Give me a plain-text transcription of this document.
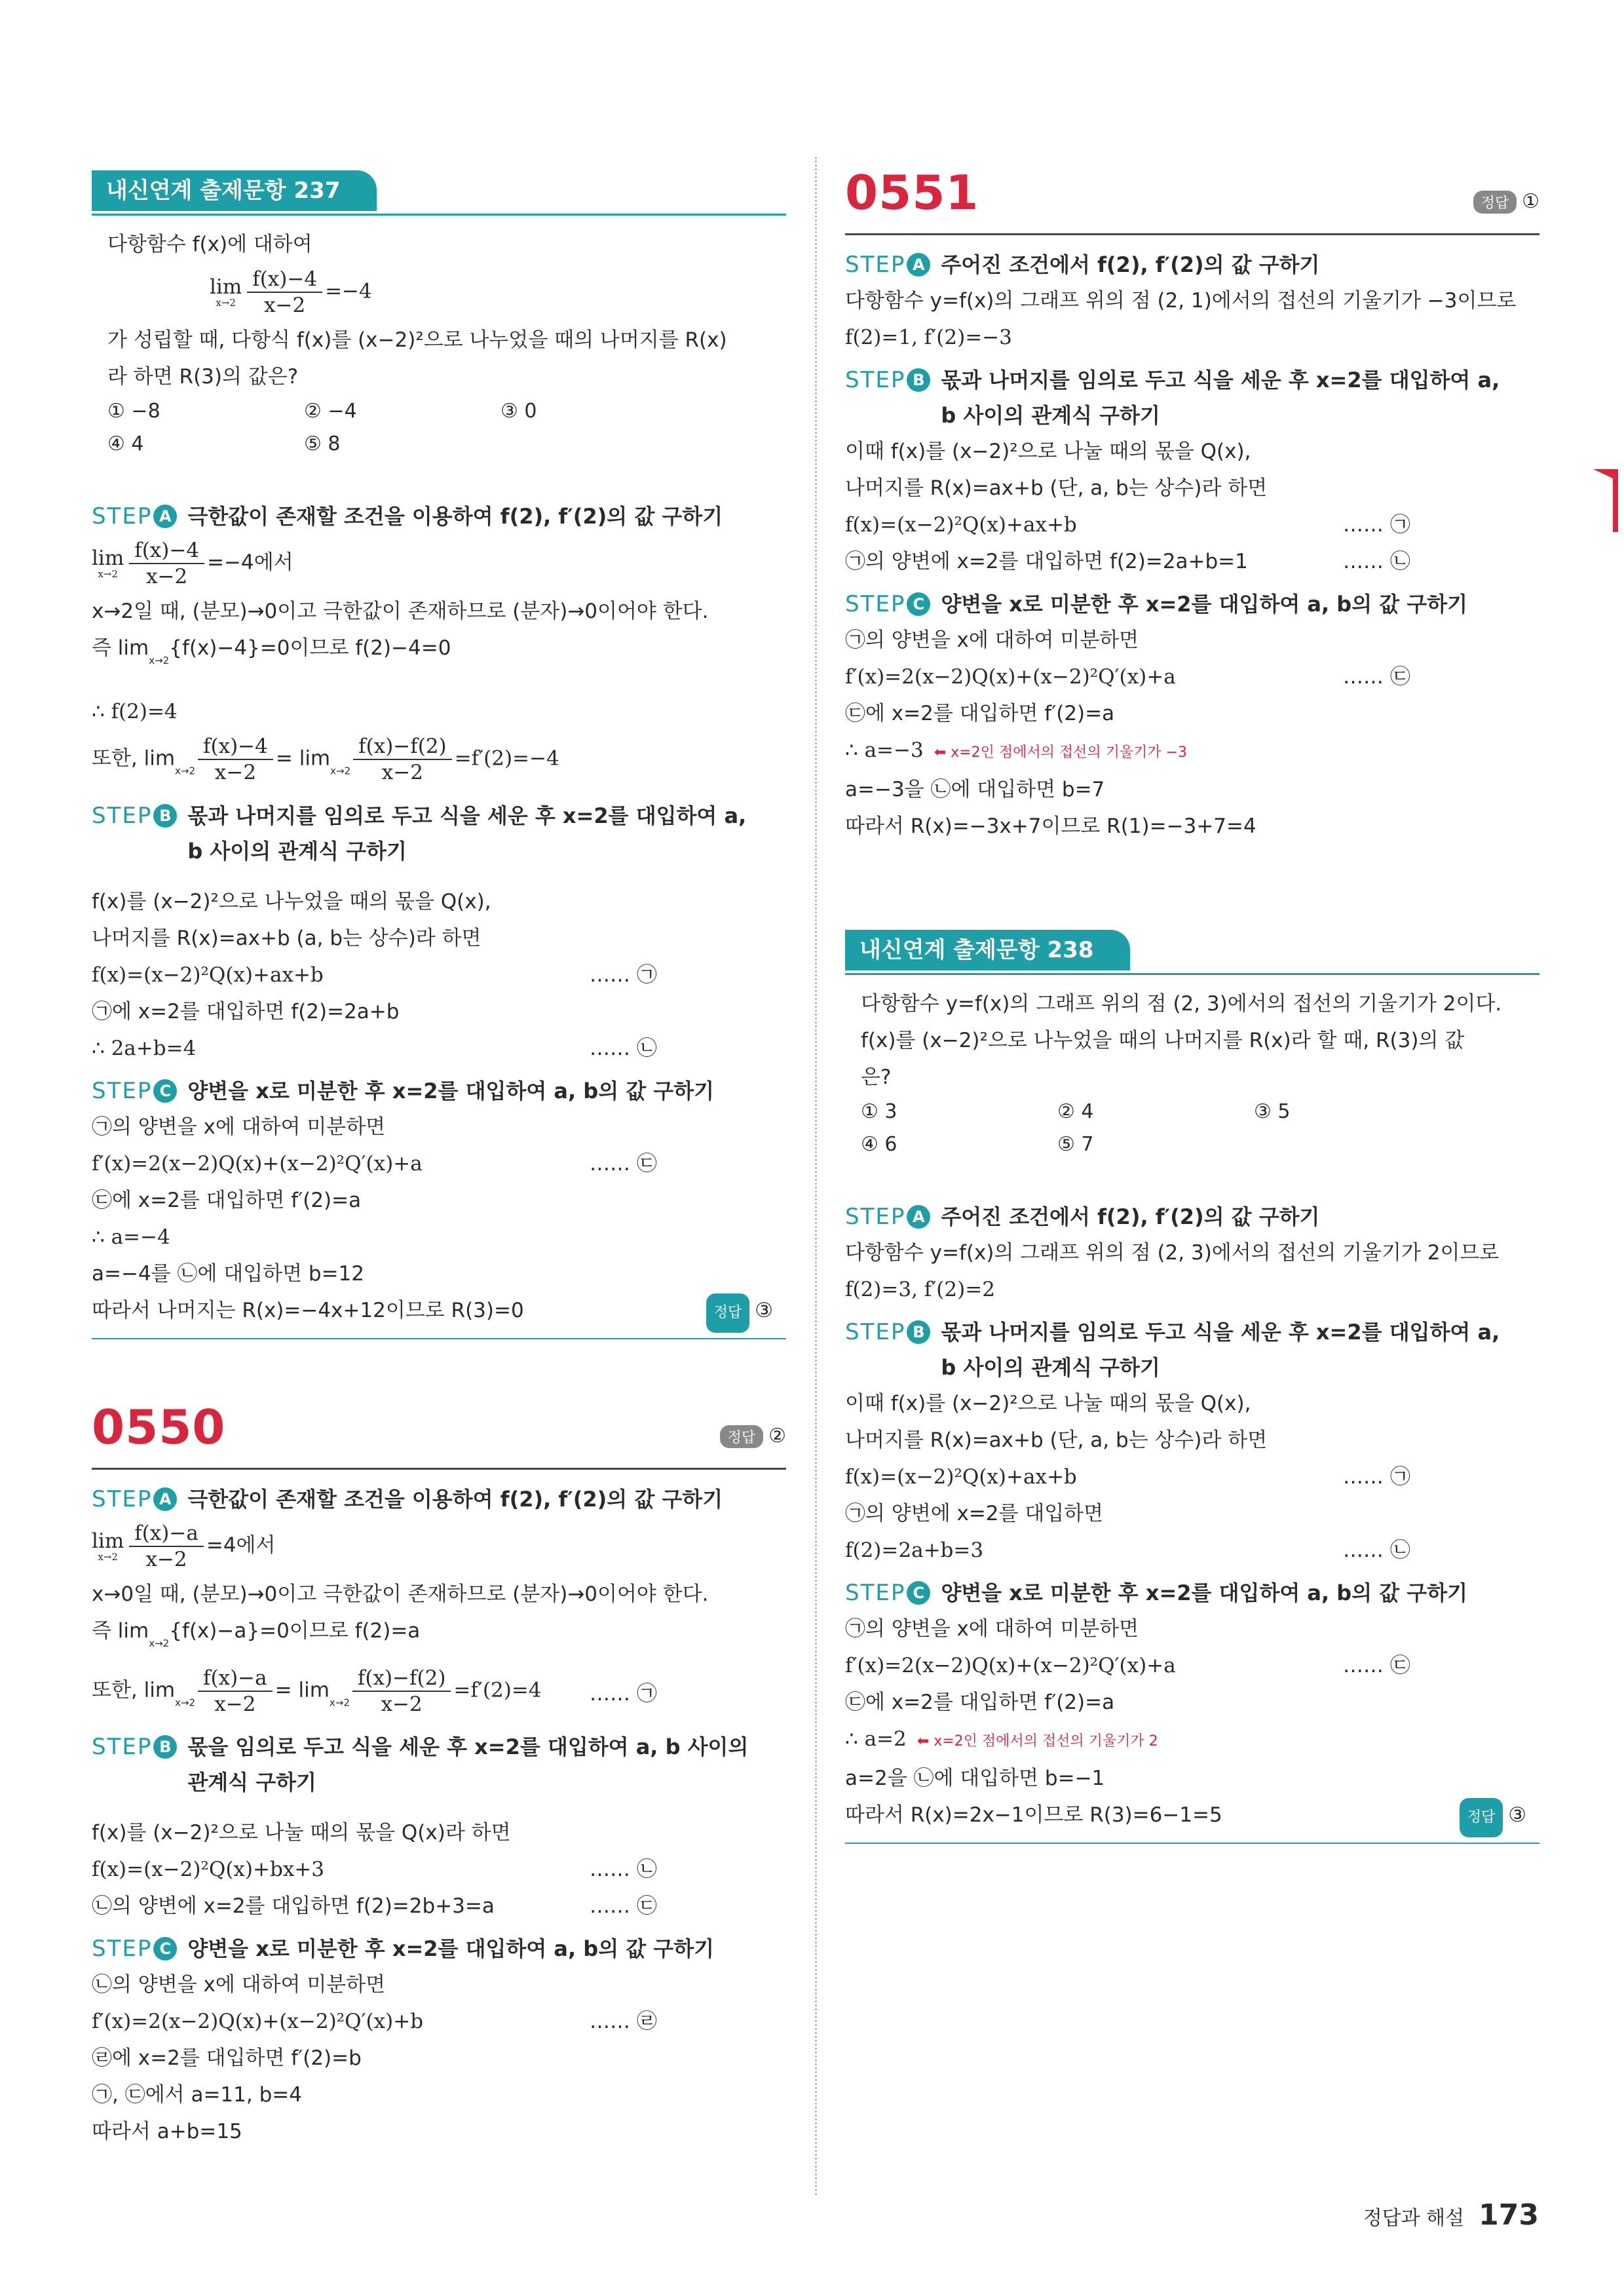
내신연계 출제문항 237
다항함수 f(x)에 대하여
lim
$x\to 2 \frac{f(x)-4}{x-2} =-4$
가 성립할 때, 다항식 f(x)를 (x−2)²으로 나누었을 때의 나머지를 R(x)
라 하면 R(3)의 값은?
① −8	② −4	③ 0
④ 4	⑤ 8
STEP A 극한값이 존재할 조건을 이용하여 f(2), f′(2)의 값 구하기
lim
$x\to 2 \frac{f(x)-4}{x-2} =-4$에서
x→2일 때, (분모)→0이고 극한값이 존재하므로 (분자)→0이어야 한다.
즉 $\lim_{x\to 2}\{f(x)-4\}=0$이므로 f(2)−4=0
∴ f(2)=4
또한, $\lim_{x\to 2} \frac{f(x)-4}{x-2} = \lim_{x\to 2} \frac{f(x)-f(2)}{x-2} =f'(2)=-4$
STEP B 몫과 나머지를 임의로 두고 식을 세운 후 x=2를 대입하여 a, b 사이의 관계식 구하기
f(x)를 (x−2)²으로 나누었을 때의 몫을 Q(x),
나머지를 R(x)=ax+b (a, b는 상수)라 하면
f(x)=(x−2)²Q(x)+ax+b	…… ㉠
㉠에 x=2를 대입하면 f(2)=2a+b
∴ 2a+b=4	…… ㉡
STEP C 양변을 x로 미분한 후 x=2를 대입하여 a, b의 값 구하기
㉠의 양변을 x에 대하여 미분하면
f′(x)=2(x−2)Q(x)+(x−2)²Q′(x)+a	…… ㉢
㉢에 x=2를 대입하면 f′(2)=a
∴ a=−4
a=−4를 ㉡에 대입하면 b=12
따라서 나머지는 R(x)=−4x+12이므로 R(3)=0	정답 ③
0550	정답 ②
STEP A 극한값이 존재할 조건을 이용하여 f(2), f′(2)의 값 구하기
lim
$x\to 2 \frac{f(x)-a}{x-2} =4$에서
x→0일 때, (분모)→0이고 극한값이 존재하므로 (분자)→0이어야 한다.
즉 $\lim_{x\to 2}\{f(x)-a\}=0$이므로 f(2)=a
또한, $\lim_{x\to 2} \frac{f(x)-a}{x-2} = \lim_{x\to 2} \frac{f(x)-f(2)}{x-2} =f'(2)=4$ …… ㉠
STEP B 몫을 임의로 두고 식을 세운 후 x=2를 대입하여 a, b 사이의 관계식 구하기
f(x)를 (x−2)²으로 나눌 때의 몫을 Q(x)라 하면
f(x)=(x−2)²Q(x)+bx+3	…… ㉡
㉡의 양변에 x=2를 대입하면 f(2)=2b+3=a	…… ㉢
STEP C 양변을 x로 미분한 후 x=2를 대입하여 a, b의 값 구하기
㉡의 양변을 x에 대하여 미분하면
f′(x)=2(x−2)Q(x)+(x−2)²Q′(x)+b	…… ㉣
㉣에 x=2를 대입하면 f′(2)=b
㉠, ㉢에서 a=11, b=4
따라서 a+b=15
0551	정답 ①
STEP A 주어진 조건에서 f(2), f′(2)의 값 구하기
다항함수 y=f(x)의 그래프 위의 점 (2, 1)에서의 접선의 기울기가 −3이므로
f(2)=1, f′(2)=−3
STEP B 몫과 나머지를 임의로 두고 식을 세운 후 x=2를 대입하여 a, b 사이의 관계식 구하기
이때 f(x)를 (x−2)²으로 나눌 때의 몫을 Q(x),
나머지를 R(x)=ax+b (단, a, b는 상수)라 하면
f(x)=(x−2)²Q(x)+ax+b	…… ㉠
㉠의 양변에 x=2를 대입하면 f(2)=2a+b=1	…… ㉡
STEP C 양변을 x로 미분한 후 x=2를 대입하여 a, b의 값 구하기
㉠의 양변을 x에 대하여 미분하면
f′(x)=2(x−2)Q(x)+(x−2)²Q′(x)+a	…… ㉢
㉢에 x=2를 대입하면 f′(2)=a
∴ a=−3 ⬅ x=2인 점에서의 접선의 기울기가 −3
a=−3을 ㉡에 대입하면 b=7
따라서 R(x)=−3x+7이므로 R(1)=−3+7=4
내신연계 출제문항 238
다항함수 y=f(x)의 그래프 위의 점 (2, 3)에서의 접선의 기울기가 2이다.
f(x)를 (x−2)²으로 나누었을 때의 나머지를 R(x)라 할 때, R(3)의 값
은?
① 3	② 4	③ 5
④ 6	⑤ 7
STEP A 주어진 조건에서 f(2), f′(2)의 값 구하기
다항함수 y=f(x)의 그래프 위의 점 (2, 3)에서의 접선의 기울기가 2이므로
f(2)=3, f′(2)=2
STEP B 몫과 나머지를 임의로 두고 식을 세운 후 x=2를 대입하여 a, b 사이의 관계식 구하기
이때 f(x)를 (x−2)²으로 나눌 때의 몫을 Q(x),
나머지를 R(x)=ax+b (단, a, b는 상수)라 하면
f(x)=(x−2)²Q(x)+ax+b	…… ㉠
㉠의 양변에 x=2를 대입하면
f(2)=2a+b=3	…… ㉡
STEP C 양변을 x로 미분한 후 x=2를 대입하여 a, b의 값 구하기
㉠의 양변을 x에 대하여 미분하면
f′(x)=2(x−2)Q(x)+(x−2)²Q′(x)+a	…… ㉢
㉢에 x=2를 대입하면 f′(2)=a
∴ a=2 ⬅ x=2인 점에서의 접선의 기울기가 2
a=2을 ㉡에 대입하면 b=−1
따라서 R(x)=2x−1이므로 R(3)=6−1=5	정답 ③
정답과 해설 173
